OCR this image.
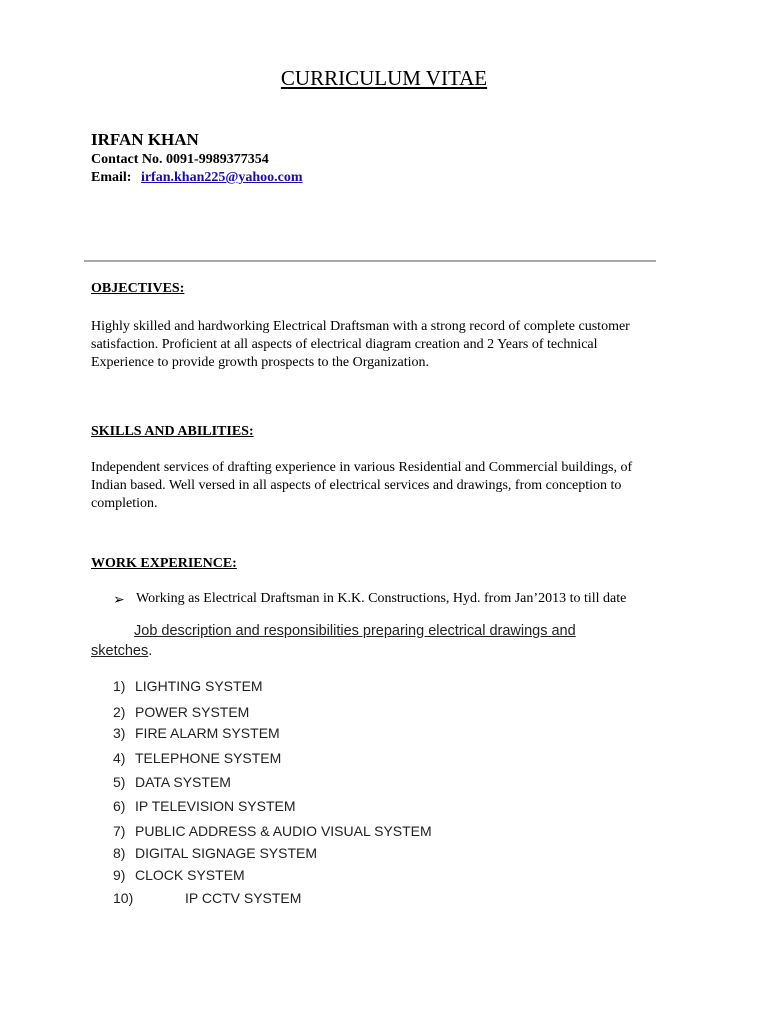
CURRICULUM VITAE
IRFAN KHAN
Contact No. 0091-9989377354
Email: irfan.khan225@yahoo.com
OBJECTIVES:
Highly skilled and hardworking Electrical Draftsman with a strong record of complete customer
satisfaction. Proficient at all aspects of electrical diagram creation and 2 Years of technical
Experience to provide growth prospects to the Organization.
SKILLS AND ABILITIES:
Independent services of drafting experience in various Residential and Commercial buildings, of
Indian based. Well versed in all aspects of electrical services and drawings, from conception to
completion.
WORK EXPERIENCE:
➢ Working as Electrical Draftsman in K.K. Constructions, Hyd. from Jan’2013 to till date
Job description and responsibilities preparing electrical drawings and
sketches.
1) LIGHTING SYSTEM
2) POWER SYSTEM
3) FIRE ALARM SYSTEM
4) TELEPHONE SYSTEM
5) DATA SYSTEM
6) IP TELEVISION SYSTEM
7) PUBLIC ADDRESS & AUDIO VISUAL SYSTEM
8) DIGITAL SIGNAGE SYSTEM
9) CLOCK SYSTEM
10)	IP CCTV SYSTEM
